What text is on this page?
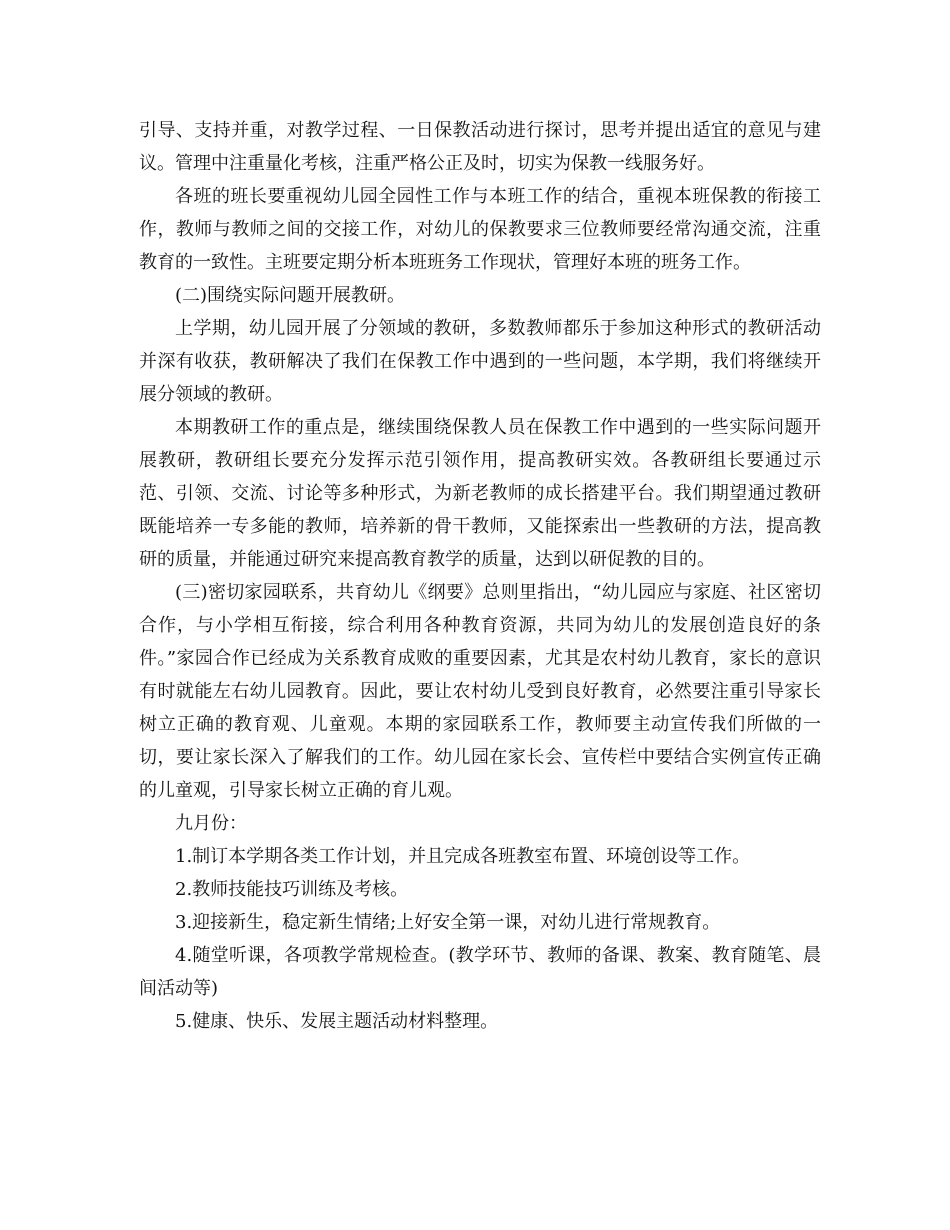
引导、支持并重，对教学过程、一日保教活动进行探讨，思考并提出适宜的意见与建议。管理中注重量化考核，注重严格公正及时，切实为保教一线服务好。

各班的班长要重视幼儿园全园性工作与本班工作的结合，重视本班保教的衔接工作，教师与教师之间的交接工作，对幼儿的保教要求三位教师要经常沟通交流，注重教育的一致性。主班要定期分析本班班务工作现状，管理好本班的班务工作。

(二)围绕实际问题开展教研。

上学期，幼儿园开展了分领域的教研，多数教师都乐于参加这种形式的教研活动并深有收获，教研解决了我们在保教工作中遇到的一些问题，本学期，我们将继续开展分领域的教研。

本期教研工作的重点是，继续围绕保教人员在保教工作中遇到的一些实际问题开展教研，教研组长要充分发挥示范引领作用，提高教研实效。各教研组长要通过示范、引领、交流、讨论等多种形式，为新老教师的成长搭建平台。我们期望通过教研既能培养一专多能的教师，培养新的骨干教师，又能探索出一些教研的方法，提高教研的质量，并能通过研究来提高教育教学的质量，达到以研促教的目的。

(三)密切家园联系，共育幼儿《纲要》总则里指出，“幼儿园应与家庭、社区密切合作，与小学相互衔接，综合利用各种教育资源，共同为幼儿的发展创造良好的条件。”家园合作已经成为关系教育成败的重要因素，尤其是农村幼儿教育，家长的意识有时就能左右幼儿园教育。因此，要让农村幼儿受到良好教育，必然要注重引导家长树立正确的教育观、儿童观。本期的家园联系工作，教师要主动宣传我们所做的一切，要让家长深入了解我们的工作。幼儿园在家长会、宣传栏中要结合实例宣传正确的儿童观，引导家长树立正确的育儿观。

九月份：

1.制订本学期各类工作计划，并且完成各班教室布置、环境创设等工作。

2.教师技能技巧训练及考核。

3.迎接新生，稳定新生情绪;上好安全第一课，对幼儿进行常规教育。

4.随堂听课，各项教学常规检查。(教学环节、教师的备课、教案、教育随笔、晨间活动等)

5.健康、快乐、发展主题活动材料整理。
